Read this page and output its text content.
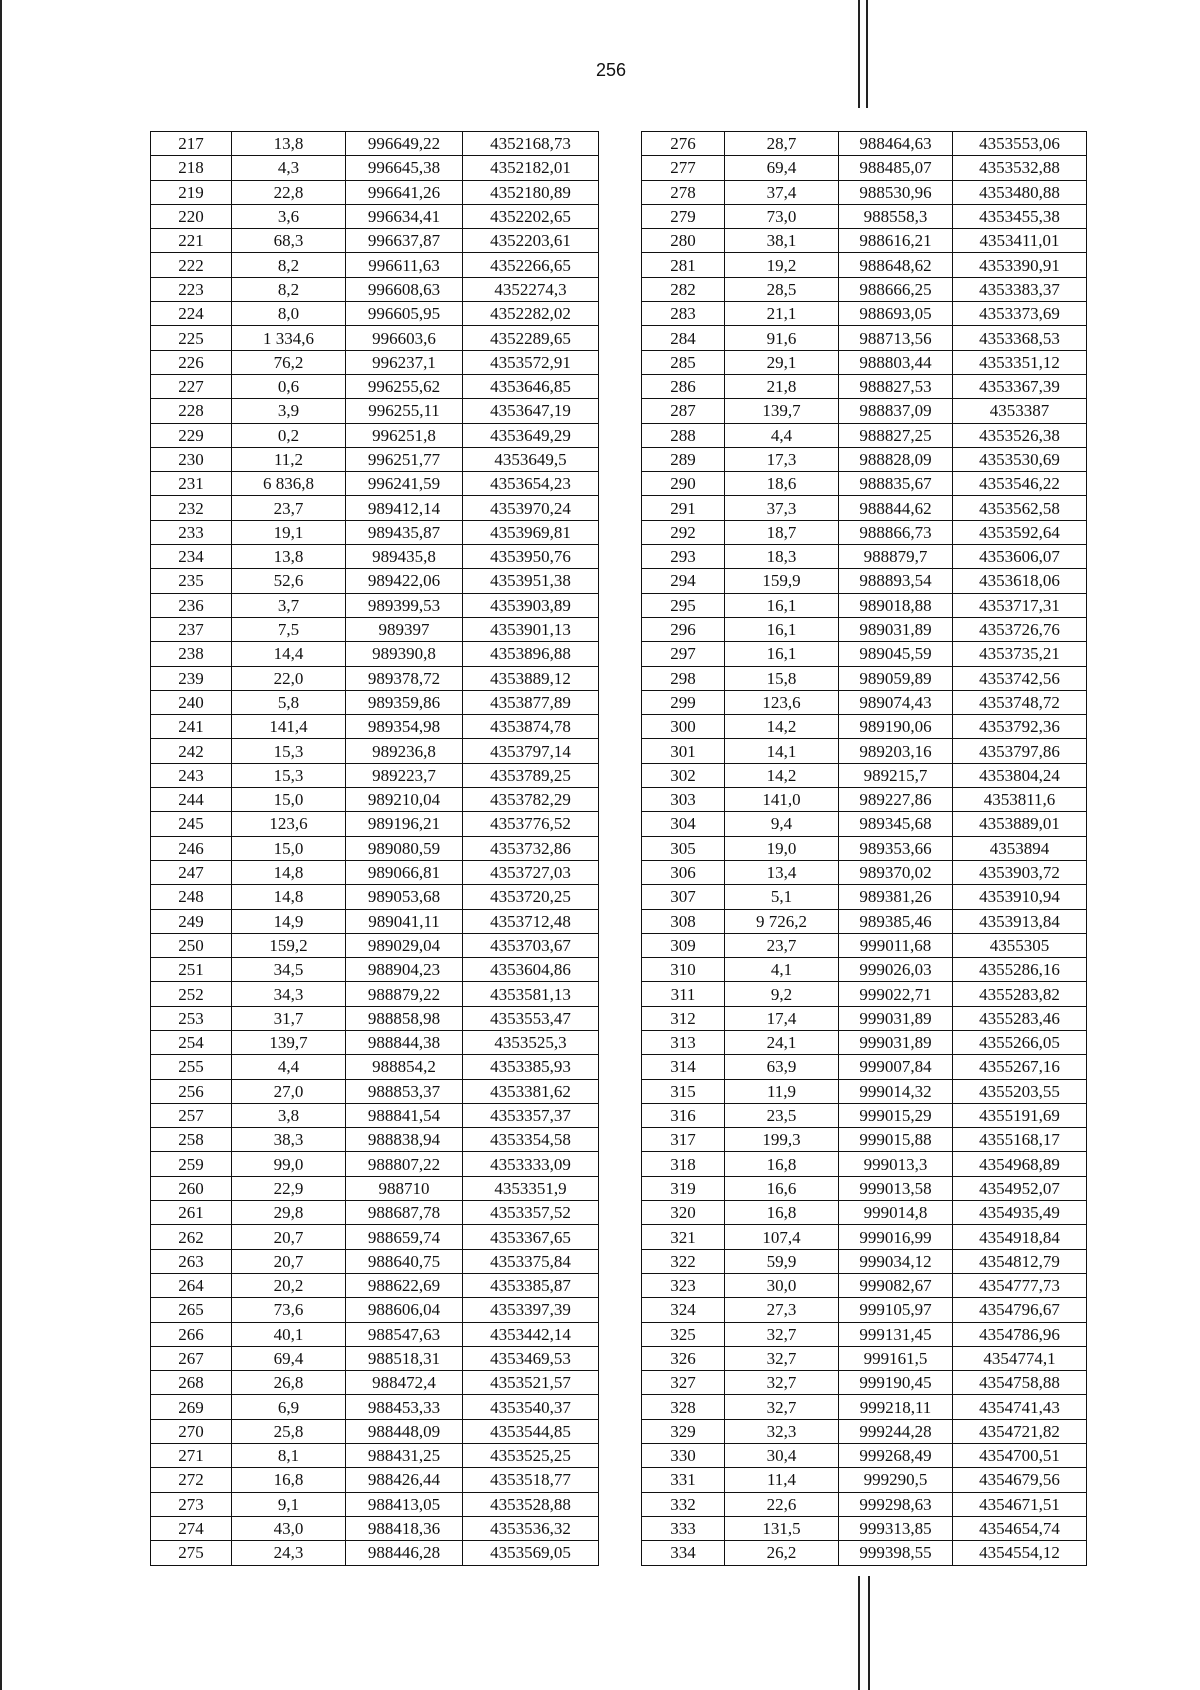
256
217	13,8	996649,22	4352168,73
218	4,3	996645,38	4352182,01
219	22,8	996641,26	4352180,89
220	3,6	996634,41	4352202,65
221	68,3	996637,87	4352203,61
222	8,2	996611,63	4352266,65
223	8,2	996608,63	4352274,3
224	8,0	996605,95	4352282,02
225	1 334,6	996603,6	4352289,65
226	76,2	996237,1	4353572,91
227	0,6	996255,62	4353646,85
228	3,9	996255,11	4353647,19
229	0,2	996251,8	4353649,29
230	11,2	996251,77	4353649,5
231	6 836,8	996241,59	4353654,23
232	23,7	989412,14	4353970,24
233	19,1	989435,87	4353969,81
234	13,8	989435,8	4353950,76
235	52,6	989422,06	4353951,38
236	3,7	989399,53	4353903,89
237	7,5	989397	4353901,13
238	14,4	989390,8	4353896,88
239	22,0	989378,72	4353889,12
240	5,8	989359,86	4353877,89
241	141,4	989354,98	4353874,78
242	15,3	989236,8	4353797,14
243	15,3	989223,7	4353789,25
244	15,0	989210,04	4353782,29
245	123,6	989196,21	4353776,52
246	15,0	989080,59	4353732,86
247	14,8	989066,81	4353727,03
248	14,8	989053,68	4353720,25
249	14,9	989041,11	4353712,48
250	159,2	989029,04	4353703,67
251	34,5	988904,23	4353604,86
252	34,3	988879,22	4353581,13
253	31,7	988858,98	4353553,47
254	139,7	988844,38	4353525,3
255	4,4	988854,2	4353385,93
256	27,0	988853,37	4353381,62
257	3,8	988841,54	4353357,37
258	38,3	988838,94	4353354,58
259	99,0	988807,22	4353333,09
260	22,9	988710	4353351,9
261	29,8	988687,78	4353357,52
262	20,7	988659,74	4353367,65
263	20,7	988640,75	4353375,84
264	20,2	988622,69	4353385,87
265	73,6	988606,04	4353397,39
266	40,1	988547,63	4353442,14
267	69,4	988518,31	4353469,53
268	26,8	988472,4	4353521,57
269	6,9	988453,33	4353540,37
270	25,8	988448,09	4353544,85
271	8,1	988431,25	4353525,25
272	16,8	988426,44	4353518,77
273	9,1	988413,05	4353528,88
274	43,0	988418,36	4353536,32
275	24,3	988446,28	4353569,05
276	28,7	988464,63	4353553,06
277	69,4	988485,07	4353532,88
278	37,4	988530,96	4353480,88
279	73,0	988558,3	4353455,38
280	38,1	988616,21	4353411,01
281	19,2	988648,62	4353390,91
282	28,5	988666,25	4353383,37
283	21,1	988693,05	4353373,69
284	91,6	988713,56	4353368,53
285	29,1	988803,44	4353351,12
286	21,8	988827,53	4353367,39
287	139,7	988837,09	4353387
288	4,4	988827,25	4353526,38
289	17,3	988828,09	4353530,69
290	18,6	988835,67	4353546,22
291	37,3	988844,62	4353562,58
292	18,7	988866,73	4353592,64
293	18,3	988879,7	4353606,07
294	159,9	988893,54	4353618,06
295	16,1	989018,88	4353717,31
296	16,1	989031,89	4353726,76
297	16,1	989045,59	4353735,21
298	15,8	989059,89	4353742,56
299	123,6	989074,43	4353748,72
300	14,2	989190,06	4353792,36
301	14,1	989203,16	4353797,86
302	14,2	989215,7	4353804,24
303	141,0	989227,86	4353811,6
304	9,4	989345,68	4353889,01
305	19,0	989353,66	4353894
306	13,4	989370,02	4353903,72
307	5,1	989381,26	4353910,94
308	9 726,2	989385,46	4353913,84
309	23,7	999011,68	4355305
310	4,1	999026,03	4355286,16
311	9,2	999022,71	4355283,82
312	17,4	999031,89	4355283,46
313	24,1	999031,89	4355266,05
314	63,9	999007,84	4355267,16
315	11,9	999014,32	4355203,55
316	23,5	999015,29	4355191,69
317	199,3	999015,88	4355168,17
318	16,8	999013,3	4354968,89
319	16,6	999013,58	4354952,07
320	16,8	999014,8	4354935,49
321	107,4	999016,99	4354918,84
322	59,9	999034,12	4354812,79
323	30,0	999082,67	4354777,73
324	27,3	999105,97	4354796,67
325	32,7	999131,45	4354786,96
326	32,7	999161,5	4354774,1
327	32,7	999190,45	4354758,88
328	32,7	999218,11	4354741,43
329	32,3	999244,28	4354721,82
330	30,4	999268,49	4354700,51
331	11,4	999290,5	4354679,56
332	22,6	999298,63	4354671,51
333	131,5	999313,85	4354654,74
334	26,2	999398,55	4354554,12
